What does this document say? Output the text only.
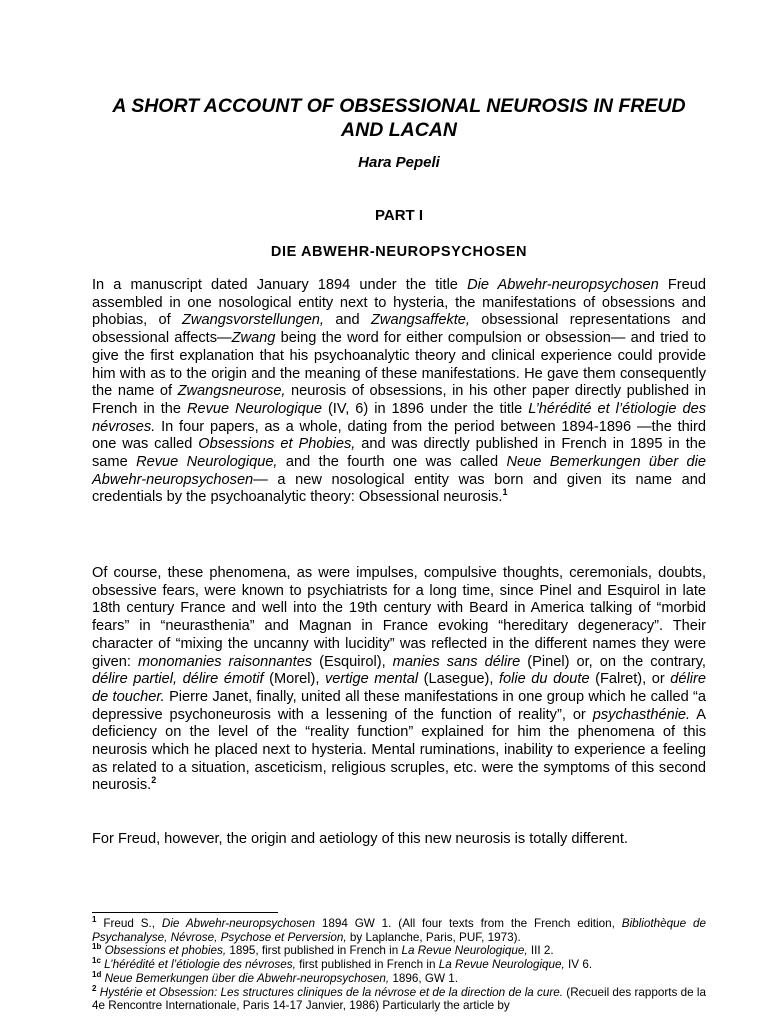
A SHORT ACCOUNT OF OBSESSIONAL NEUROSIS IN FREUD AND LACAN
Hara Pepeli
PART I
DIE ABWEHR-NEUROPSYCHOSEN

In a manuscript dated January 1894 under the title Die Abwehr-neuropsychosen Freud assembled in one nosological entity next to hysteria, the manifestations of obsessions and phobias, of Zwangsvorstellungen, and Zwangsaffekte, obsessional representations and obsessional affects—Zwang being the word for either compulsion or obsession— and tried to give the first explanation that his psychoanalytic theory and clinical experience could provide him with as to the origin and the meaning of these manifestations. He gave them consequently the name of Zwangsneurose, neurosis of obsessions, in his other paper directly published in French in the Revue Neurologique (IV, 6) in 1896 under the title L’hérédité et l’étiologie des névroses. In four papers, as a whole, dating from the period between 1894-1896 —the third one was called Obsessions et Phobies, and was directly published in French in 1895 in the same Revue Neurologique, and the fourth one was called Neue Bemerkungen über die Abwehr-neuropsychosen— a new nosological entity was born and given its name and credentials by the psychoanalytic theory: Obsessional neurosis.$^1$

Of course, these phenomena, as were impulses, compulsive thoughts, ceremonials, doubts, obsessive fears, were known to psychiatrists for a long time, since Pinel and Esquirol in late 18th century France and well into the 19th century with Beard in America talking of “morbid fears” in “neurasthenia” and Magnan in France evoking “hereditary degeneracy”. Their character of “mixing the uncanny with lucidity” was reflected in the different names they were given: monomanies raisonnantes (Esquirol), manies sans délire (Pinel) or, on the contrary, délire partiel, délire émotif (Morel), vertige mental (Lasegue), folie du doute (Falret), or délire de toucher. Pierre Janet, finally, united all these manifestations in one group which he called “a depressive psychoneurosis with a lessening of the function of reality”, or psychasthénie. A deficiency on the level of the “reality function” explained for him the phenomena of this neurosis which he placed next to hysteria. Mental ruminations, inability to experience a feeling as related to a situation, asceticism, religious scruples, etc. were the symptoms of this second neurosis.$^2$

For Freud, however, the origin and aetiology of this new neurosis is totally different.

$^1$ Freud S., Die Abwehr-neuropsychosen 1894 GW 1. (All four texts from the French edition, Bibliothèque de Psychanalyse, Névrose, Psychose et Perversion, by Laplanche, Paris, PUF, 1973).

$^{1b}$ Obsessions et phobies, 1895, first published in French in La Revue Neurologique, III 2.

$^{1c}$ L’hérédité et l’étiologie des névroses, first published in French in La Revue Neurologique, IV 6.

$^{1d}$ Neue Bemerkungen über die Abwehr-neuropsychosen, 1896, GW 1.

$^2$ Hystérie et Obsession: Les structures cliniques de la névrose et de la direction de la cure. (Recueil des rapports de la 4e Rencontre Internationale, Paris 14-17 Janvier, 1986) Particularly the article by
